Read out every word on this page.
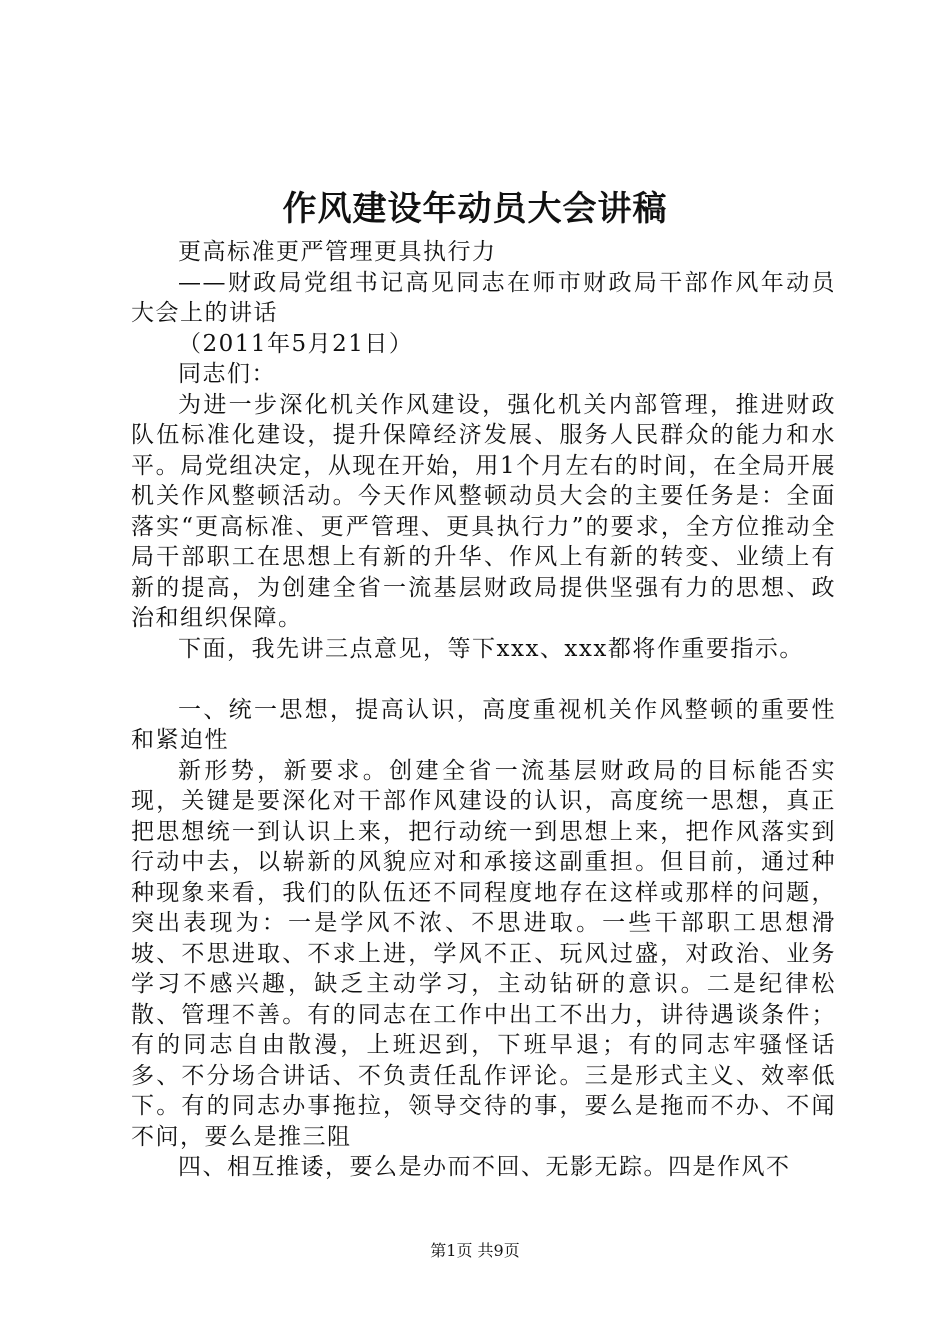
作风建设年动员大会讲稿

更高标准更严管理更具执行力

——财政局党组书记高见同志在师市财政局干部作风年动员大会上的讲话

（2011年5月21日）

同志们：

为进一步深化机关作风建设，强化机关内部管理，推进财政队伍标准化建设，提升保障经济发展、服务人民群众的能力和水平。局党组决定，从现在开始，用1个月左右的时间，在全局开展机关作风整顿活动。今天作风整顿动员大会的主要任务是：全面落实“更高标准、更严管理、更具执行力”的要求，全方位推动全局干部职工在思想上有新的升华、作风上有新的转变、业绩上有新的提高，为创建全省一流基层财政局提供坚强有力的思想、政治和组织保障。

下面，我先讲三点意见，等下xxx、xxx都将作重要指示。

一、统一思想，提高认识，高度重视机关作风整顿的重要性和紧迫性

新形势，新要求。创建全省一流基层财政局的目标能否实现，关键是要深化对干部作风建设的认识，高度统一思想，真正把思想统一到认识上来，把行动统一到思想上来，把作风落实到行动中去，以崭新的风貌应对和承接这副重担。但目前，通过种种现象来看，我们的队伍还不同程度地存在这样或那样的问题，突出表现为：一是学风不浓、不思进取。一些干部职工思想滑坡、不思进取、不求上进，学风不正、玩风过盛，对政治、业务学习不感兴趣，缺乏主动学习，主动钻研的意识。二是纪律松散、管理不善。有的同志在工作中出工不出力，讲待遇谈条件；有的同志自由散漫，上班迟到，下班早退；有的同志牢骚怪话多、不分场合讲话、不负责任乱作评论。三是形式主义、效率低下。有的同志办事拖拉，领导交待的事，要么是拖而不办、不闻不问，要么是推三阻

四、相互推诿，要么是办而不回、无影无踪。四是作风不

第1页 共9页
